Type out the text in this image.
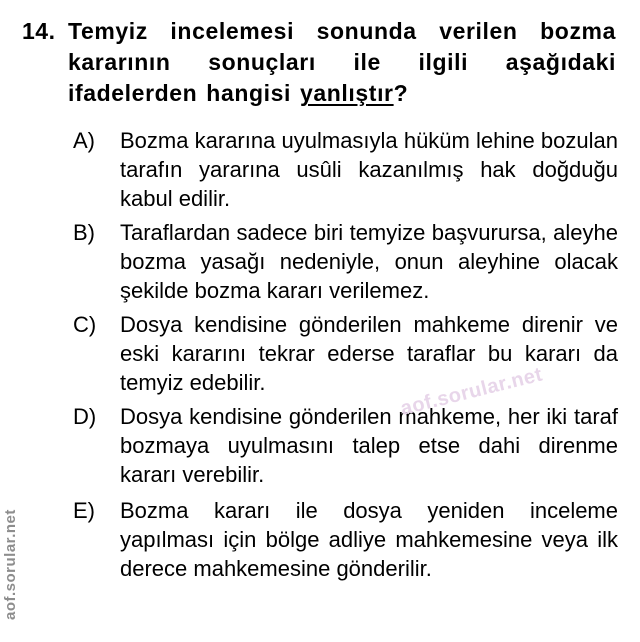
14. Temyiz incelemesi sonunda verilen bozma kararının sonuçları ile ilgili aşağıdaki ifadelerden hangisi yanlıştır?
A) Bozma kararına uyulmasıyla hüküm lehine bozulan tarafın yararına usûli kazanılmış hak doğduğu kabul edilir.
B) Taraflardan sadece biri temyize başvurursa, aleyhe bozma yasağı nedeniyle, onun aleyhine olacak şekilde bozma kararı verilemez.
C) Dosya kendisine gönderilen mahkeme direnir ve eski kararını tekrar ederse taraflar bu kararı da temyiz edebilir.
D) Dosya kendisine gönderilen mahkeme, her iki taraf bozmaya uyulmasını talep etse dahi direnme kararı verebilir.
E) Bozma kararı ile dosya yeniden inceleme yapılması için bölge adliye mahkemesine veya ilk derece mahkemesine gönderilir.
aof.sorular.net
aof.sorular.net
